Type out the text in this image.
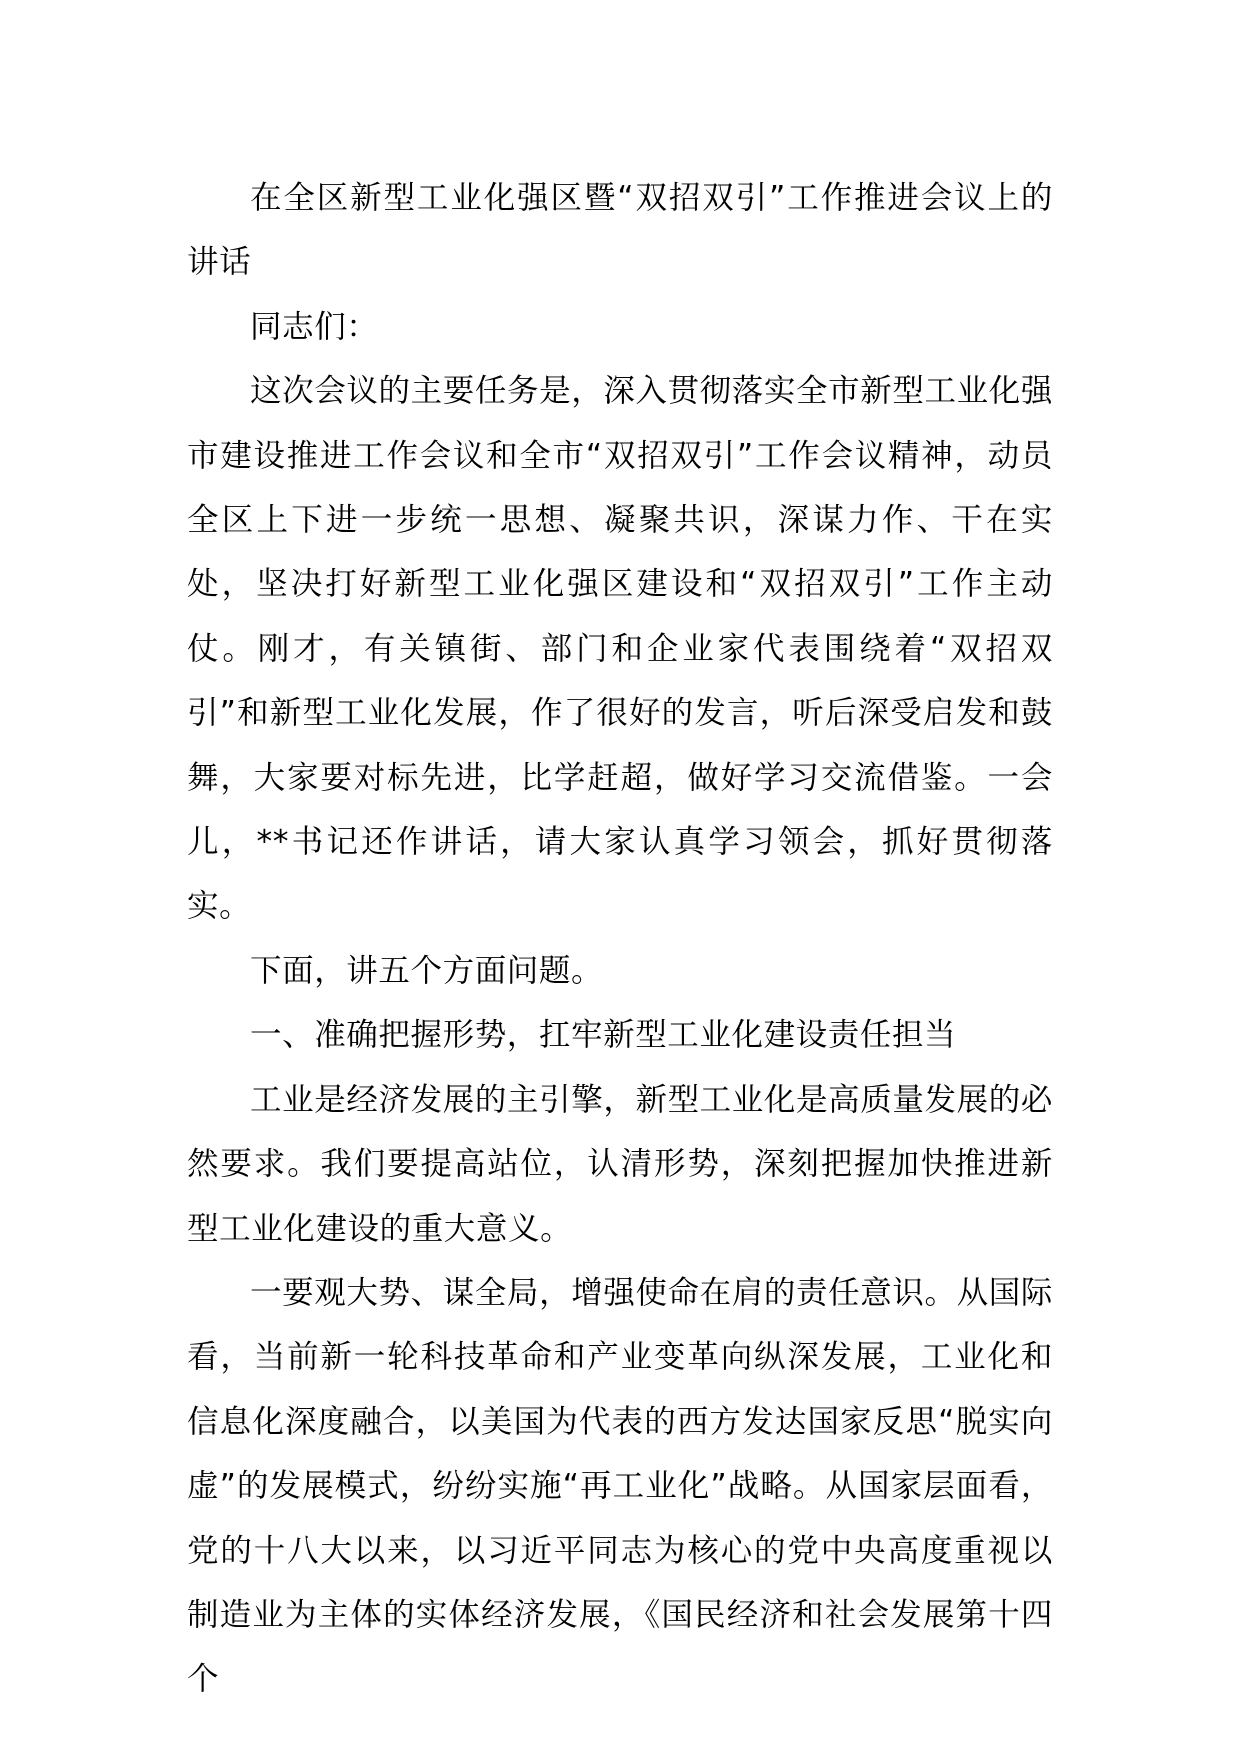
在全区新型工业化强区暨“双招双引”工作推进会议上的讲话

同志们：

这次会议的主要任务是，深入贯彻落实全市新型工业化强市建设推进工作会议和全市“双招双引”工作会议精神，动员全区上下进一步统一思想、凝聚共识，深谋力作、干在实处，坚决打好新型工业化强区建设和“双招双引”工作主动仗。刚才，有关镇街、部门和企业家代表围绕着“双招双引”和新型工业化发展，作了很好的发言，听后深受启发和鼓舞，大家要对标先进，比学赶超，做好学习交流借鉴。一会儿，**书记还作讲话，请大家认真学习领会，抓好贯彻落实。

下面，讲五个方面问题。

一、准确把握形势，扛牢新型工业化建设责任担当

工业是经济发展的主引擎，新型工业化是高质量发展的必然要求。我们要提高站位，认清形势，深刻把握加快推进新型工业化建设的重大意义。

一要观大势、谋全局，增强使命在肩的责任意识。从国际看，当前新一轮科技革命和产业变革向纵深发展，工业化和信息化深度融合，以美国为代表的西方发达国家反思“脱实向虚”的发展模式，纷纷实施“再工业化”战略。从国家层面看，党的十八大以来，以习近平同志为核心的党中央高度重视以制造业为主体的实体经济发展，《国民经济和社会发展第十四个
